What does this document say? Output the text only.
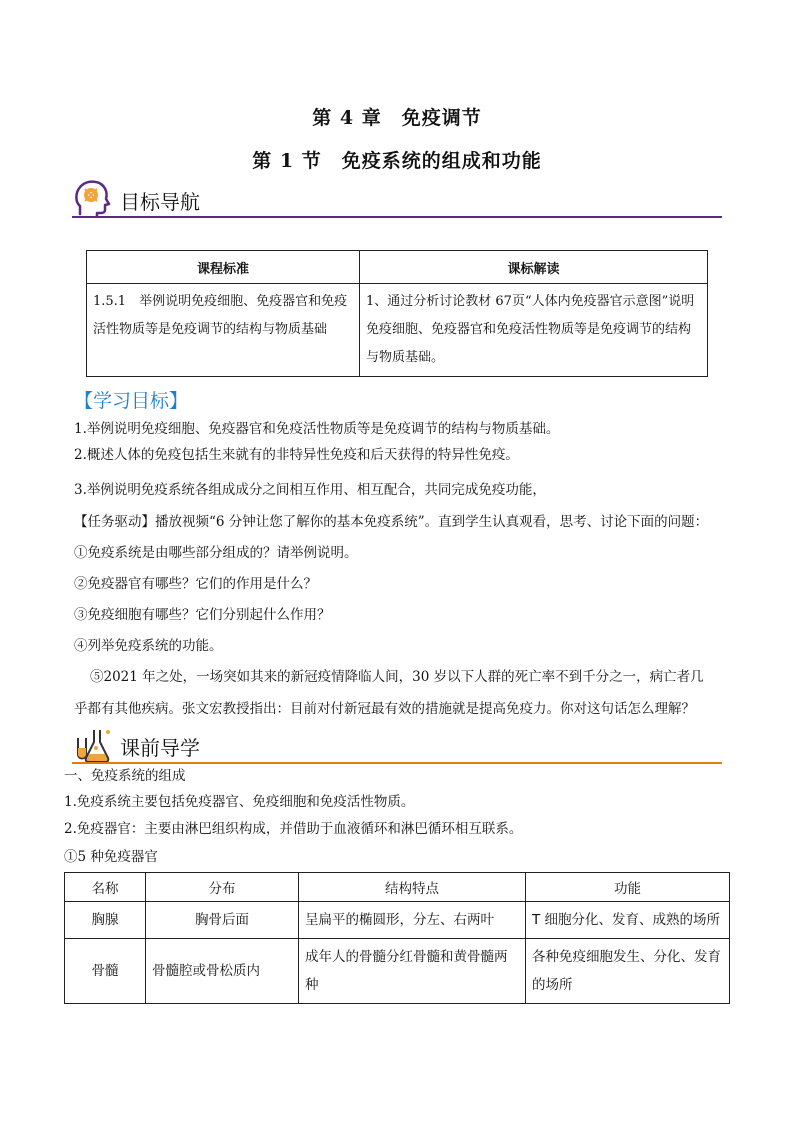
第 4 章　免疫调节
第 1 节　免疫系统的组成和功能
目标导航
课程标准	课标解读
1.5.1　举例说明免疫细胞、免疫器官和免疫活性物质等是免疫调节的结构与物质基础	1、通过分析讨论教材 67页“人体内免疫器官示意图”说明免疫细胞、免疫器官和免疫活性物质等是免疫调节的结构与物质基础。
【学习目标】
1.举例说明免疫细胞、免疫器官和免疫活性物质等是免疫调节的结构与物质基础。
2.概述人体的免疫包括生来就有的非特异性免疫和后天获得的特异性免疫。
3.举例说明免疫系统各组成成分之间相互作用、相互配合，共同完成免疫功能，
【任务驱动】播放视频“6 分钟让您了解你的基本免疫系统”。直到学生认真观看，思考、讨论下面的问题：
①免疫系统是由哪些部分组成的？请举例说明。
②免疫器官有哪些？它们的作用是什么？
③免疫细胞有哪些？它们分别起什么作用？
④列举免疫系统的功能。
⑤2021 年之处，一场突如其来的新冠疫情降临人间，30 岁以下人群的死亡率不到千分之一，病亡者几
乎都有其他疾病。张文宏教授指出：目前对付新冠最有效的措施就是提高免疫力。你对这句话怎么理解？
课前导学
一、免疫系统的组成
1.免疫系统主要包括免疫器官、免疫细胞和免疫活性物质。
2.免疫器官：主要由淋巴组织构成，并借助于血液循环和淋巴循环相互联系。
①5 种免疫器官
名称	分布	结构特点	功能
胸腺	胸骨后面	呈扁平的椭圆形，分左、右两叶	T 细胞分化、发育、成熟的场所
骨髓	骨髓腔或骨松质内	成年人的骨髓分红骨髓和黄骨髓两种	各种免疫细胞发生、分化、发育的场所
